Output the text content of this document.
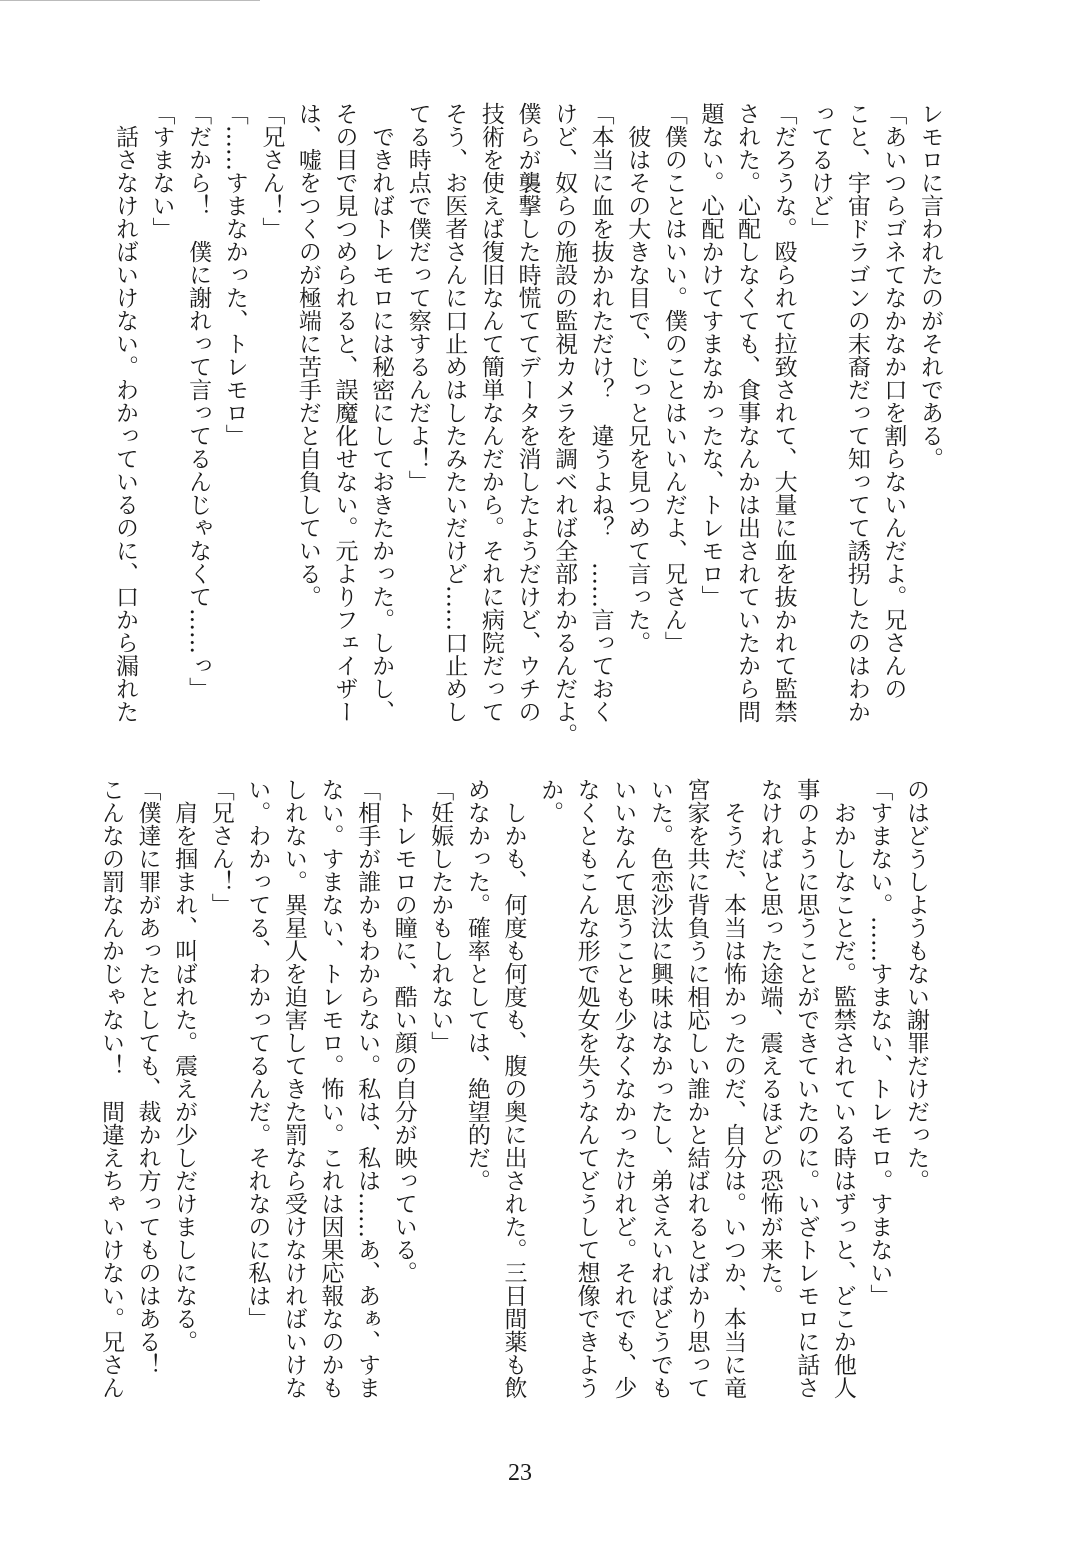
レモロに言われたのがそれである。
「あいつらゴネてなかなか口を割らないんだよ。兄さんの
こと、宇宙ドラゴンの末裔だって知ってて誘拐したのはわか
ってるけど」
「だろうな。殴られて拉致されて、大量に血を抜かれて監禁
された。心配しなくても、食事なんかは出されていたから問
題ない。心配かけてすまなかったな、トレモロ」
「僕のことはいい。僕のことはいいんだよ、兄さん」
　彼はその大きな目で、じっと兄を見つめて言った。
「本当に血を抜かれただけ？　違うよね？　……言っておく
けど、奴らの施設の監視カメラを調べれば全部わかるんだよ。
僕らが襲撃した時慌ててデータを消したようだけど、ウチの
技術を使えば復旧なんて簡単なんだから。それに病院だって
そう、お医者さんに口止めはしたみたいだけど……口止めし
てる時点で僕だって察するんだよ！」
　できればトレモロには秘密にしておきたかった。しかし、
その目で見つめられると、誤魔化せない。元よりフェイザー
は、嘘をつくのが極端に苦手だと自負している。
「兄さん！」
「……すまなかった、トレモロ」
「だから！　僕に謝れって言ってるんじゃなくて……っ」
「すまない」
　話さなければいけない。わかっているのに、口から漏れた
のはどうしようもない謝罪だけだった。
「すまない。……すまない、トレモロ。すまない」
　おかしなことだ。監禁されている時はずっと、どこか他人
事のように思うことができていたのに。いざトレモロに話さ
なければと思った途端、震えるほどの恐怖が来た。
　そうだ、本当は怖かったのだ、自分は。いつか、本当に竜
宮家を共に背負うに相応しい誰かと結ばれるとばかり思って
いた。色恋沙汰に興味はなかったし、弟さえいればどうでも
いいなんて思うことも少なくなかったけれど。それでも、少
なくともこんな形で処女を失うなんてどうして想像できよう
か。
　しかも、何度も何度も、腹の奥に出された。三日間薬も飲
めなかった。確率としては、絶望的だ。
「妊娠したかもしれない」
　トレモロの瞳に、酷い顔の自分が映っている。
「相手が誰かもわからない。私は、私は……あ、あぁ、すま
ない。すまない、トレモロ。怖い。これは因果応報なのかも
しれない。異星人を迫害してきた罰なら受けなければいけな
い。わかってる、わかってるんだ。それなのに私は」
「兄さん！」
　肩を掴まれ、叫ばれた。震えが少しだけましになる。
「僕達に罪があったとしても、裁かれ方ってものはある！
こんなの罰なんかじゃない！　間違えちゃいけない。兄さん
23
